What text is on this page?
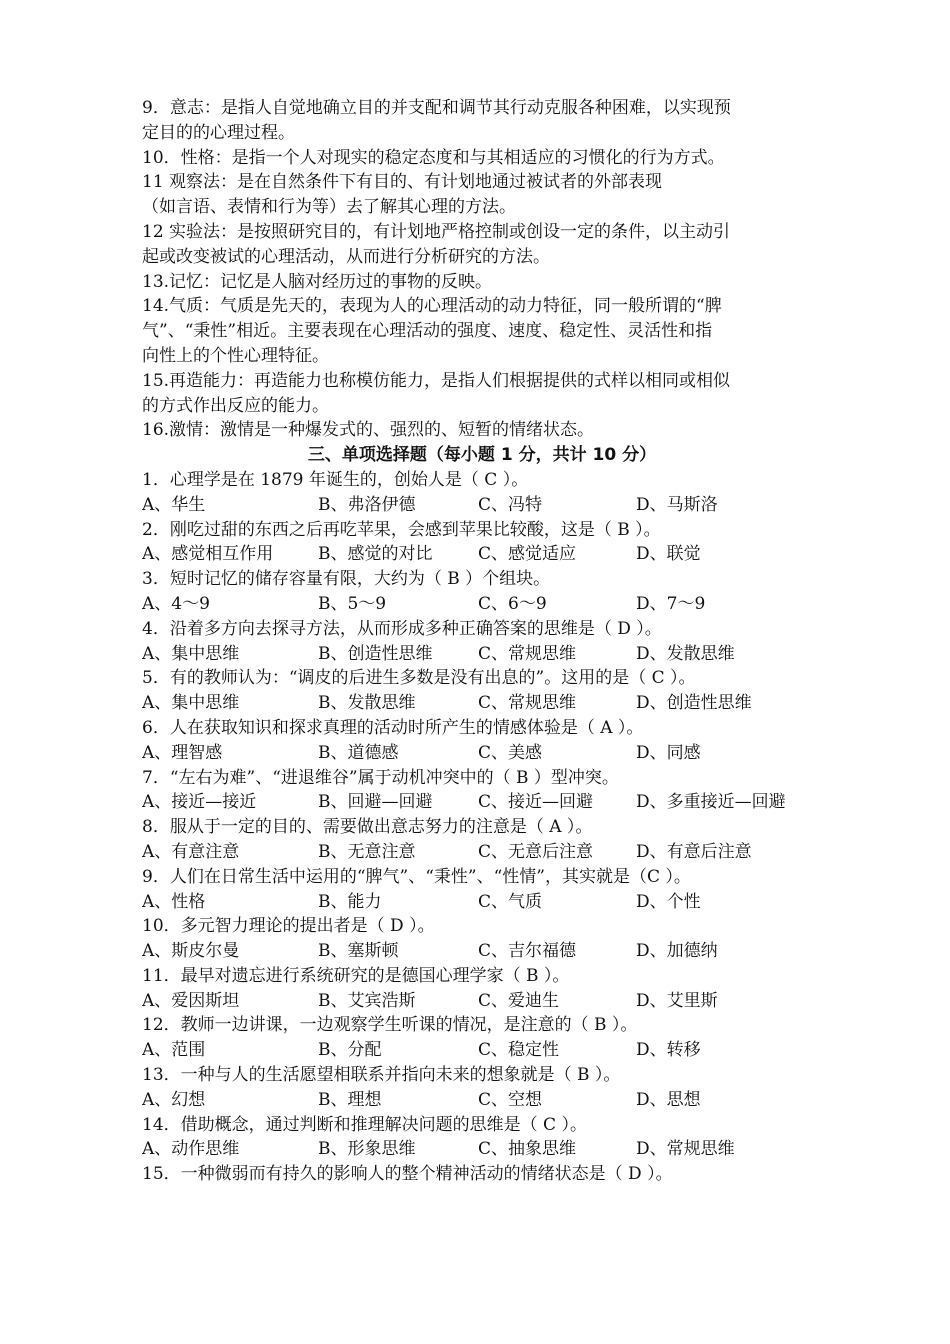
9．意志：是指人自觉地确立目的并支配和调节其行动克服各种困难，以实现预
定目的的心理过程。
10．性格：是指一个人对现实的稳定态度和与其相适应的习惯化的行为方式。
11 观察法：是在自然条件下有目的、有计划地通过被试者的外部表现
（如言语、表情和行为等）去了解其心理的方法。
12 实验法：是按照研究目的，有计划地严格控制或创设一定的条件，以主动引
起或改变被试的心理活动，从而进行分析研究的方法。
13.记忆：记忆是人脑对经历过的事物的反映。
14.气质：气质是先天的，表现为人的心理活动的动力特征，同一般所谓的“脾
气”、“秉性”相近。主要表现在心理活动的强度、速度、稳定性、灵活性和指
向性上的个性心理特征。
15.再造能力：再造能力也称模仿能力，是指人们根据提供的式样以相同或相似
的方式作出反应的能力。
16.激情：激情是一种爆发式的、强烈的、短暂的情绪状态。
三、单项选择题（每小题 1 分，共计 10 分）
1．心理学是在 1879 年诞生的，创始人是（ C ）。
A、华生	B、弗洛伊德	C、冯特	D、马斯洛
2．刚吃过甜的东西之后再吃苹果，会感到苹果比较酸，这是（ B ）。
A、感觉相互作用	B、感觉的对比	C、感觉适应	D、联觉
3．短时记忆的储存容量有限，大约为（ B ）个组块。
A、4～9	B、5～9	C、6～9	D、7～9
4．沿着多方向去探寻方法，从而形成多种正确答案的思维是（ D ）。
A、集中思维	B、创造性思维	C、常规思维	D、发散思维
5．有的教师认为：“调皮的后进生多数是没有出息的”。这用的是（ C ）。
A、集中思维	B、发散思维	C、常规思维	D、创造性思维
6．人在获取知识和探求真理的活动时所产生的情感体验是（ A ）。
A、理智感	B、道德感	C、美感	D、同感
7．“左右为难”、“进退维谷”属于动机冲突中的（ B ）型冲突。
A、接近—接近	B、回避—回避	C、接近—回避	D、多重接近—回避
8．服从于一定的目的、需要做出意志努力的注意是（ A ）。
A、有意注意	B、无意注意	C、无意后注意	D、有意后注意
9．人们在日常生活中运用的“脾气”、“秉性”、“性情”，其实就是（C ）。
A、性格	B、能力	C、气质	D、个性
10．多元智力理论的提出者是（ D ）。
A、斯皮尔曼	B、塞斯顿	C、吉尔福德	D、加德纳
11．最早对遗忘进行系统研究的是德国心理学家（ B ）。
A、爱因斯坦	B、艾宾浩斯	C、爱迪生	D、艾里斯
12．教师一边讲课，一边观察学生听课的情况，是注意的（ B ）。
A、范围	B、分配	C、稳定性	D、转移
13．一种与人的生活愿望相联系并指向未来的想象就是（ B ）。
A、幻想	B、理想	C、空想	D、思想
14．借助概念，通过判断和推理解决问题的思维是（ C ）。
A、动作思维	B、形象思维	C、抽象思维	D、常规思维
15．一种微弱而有持久的影响人的整个精神活动的情绪状态是（ D ）。
